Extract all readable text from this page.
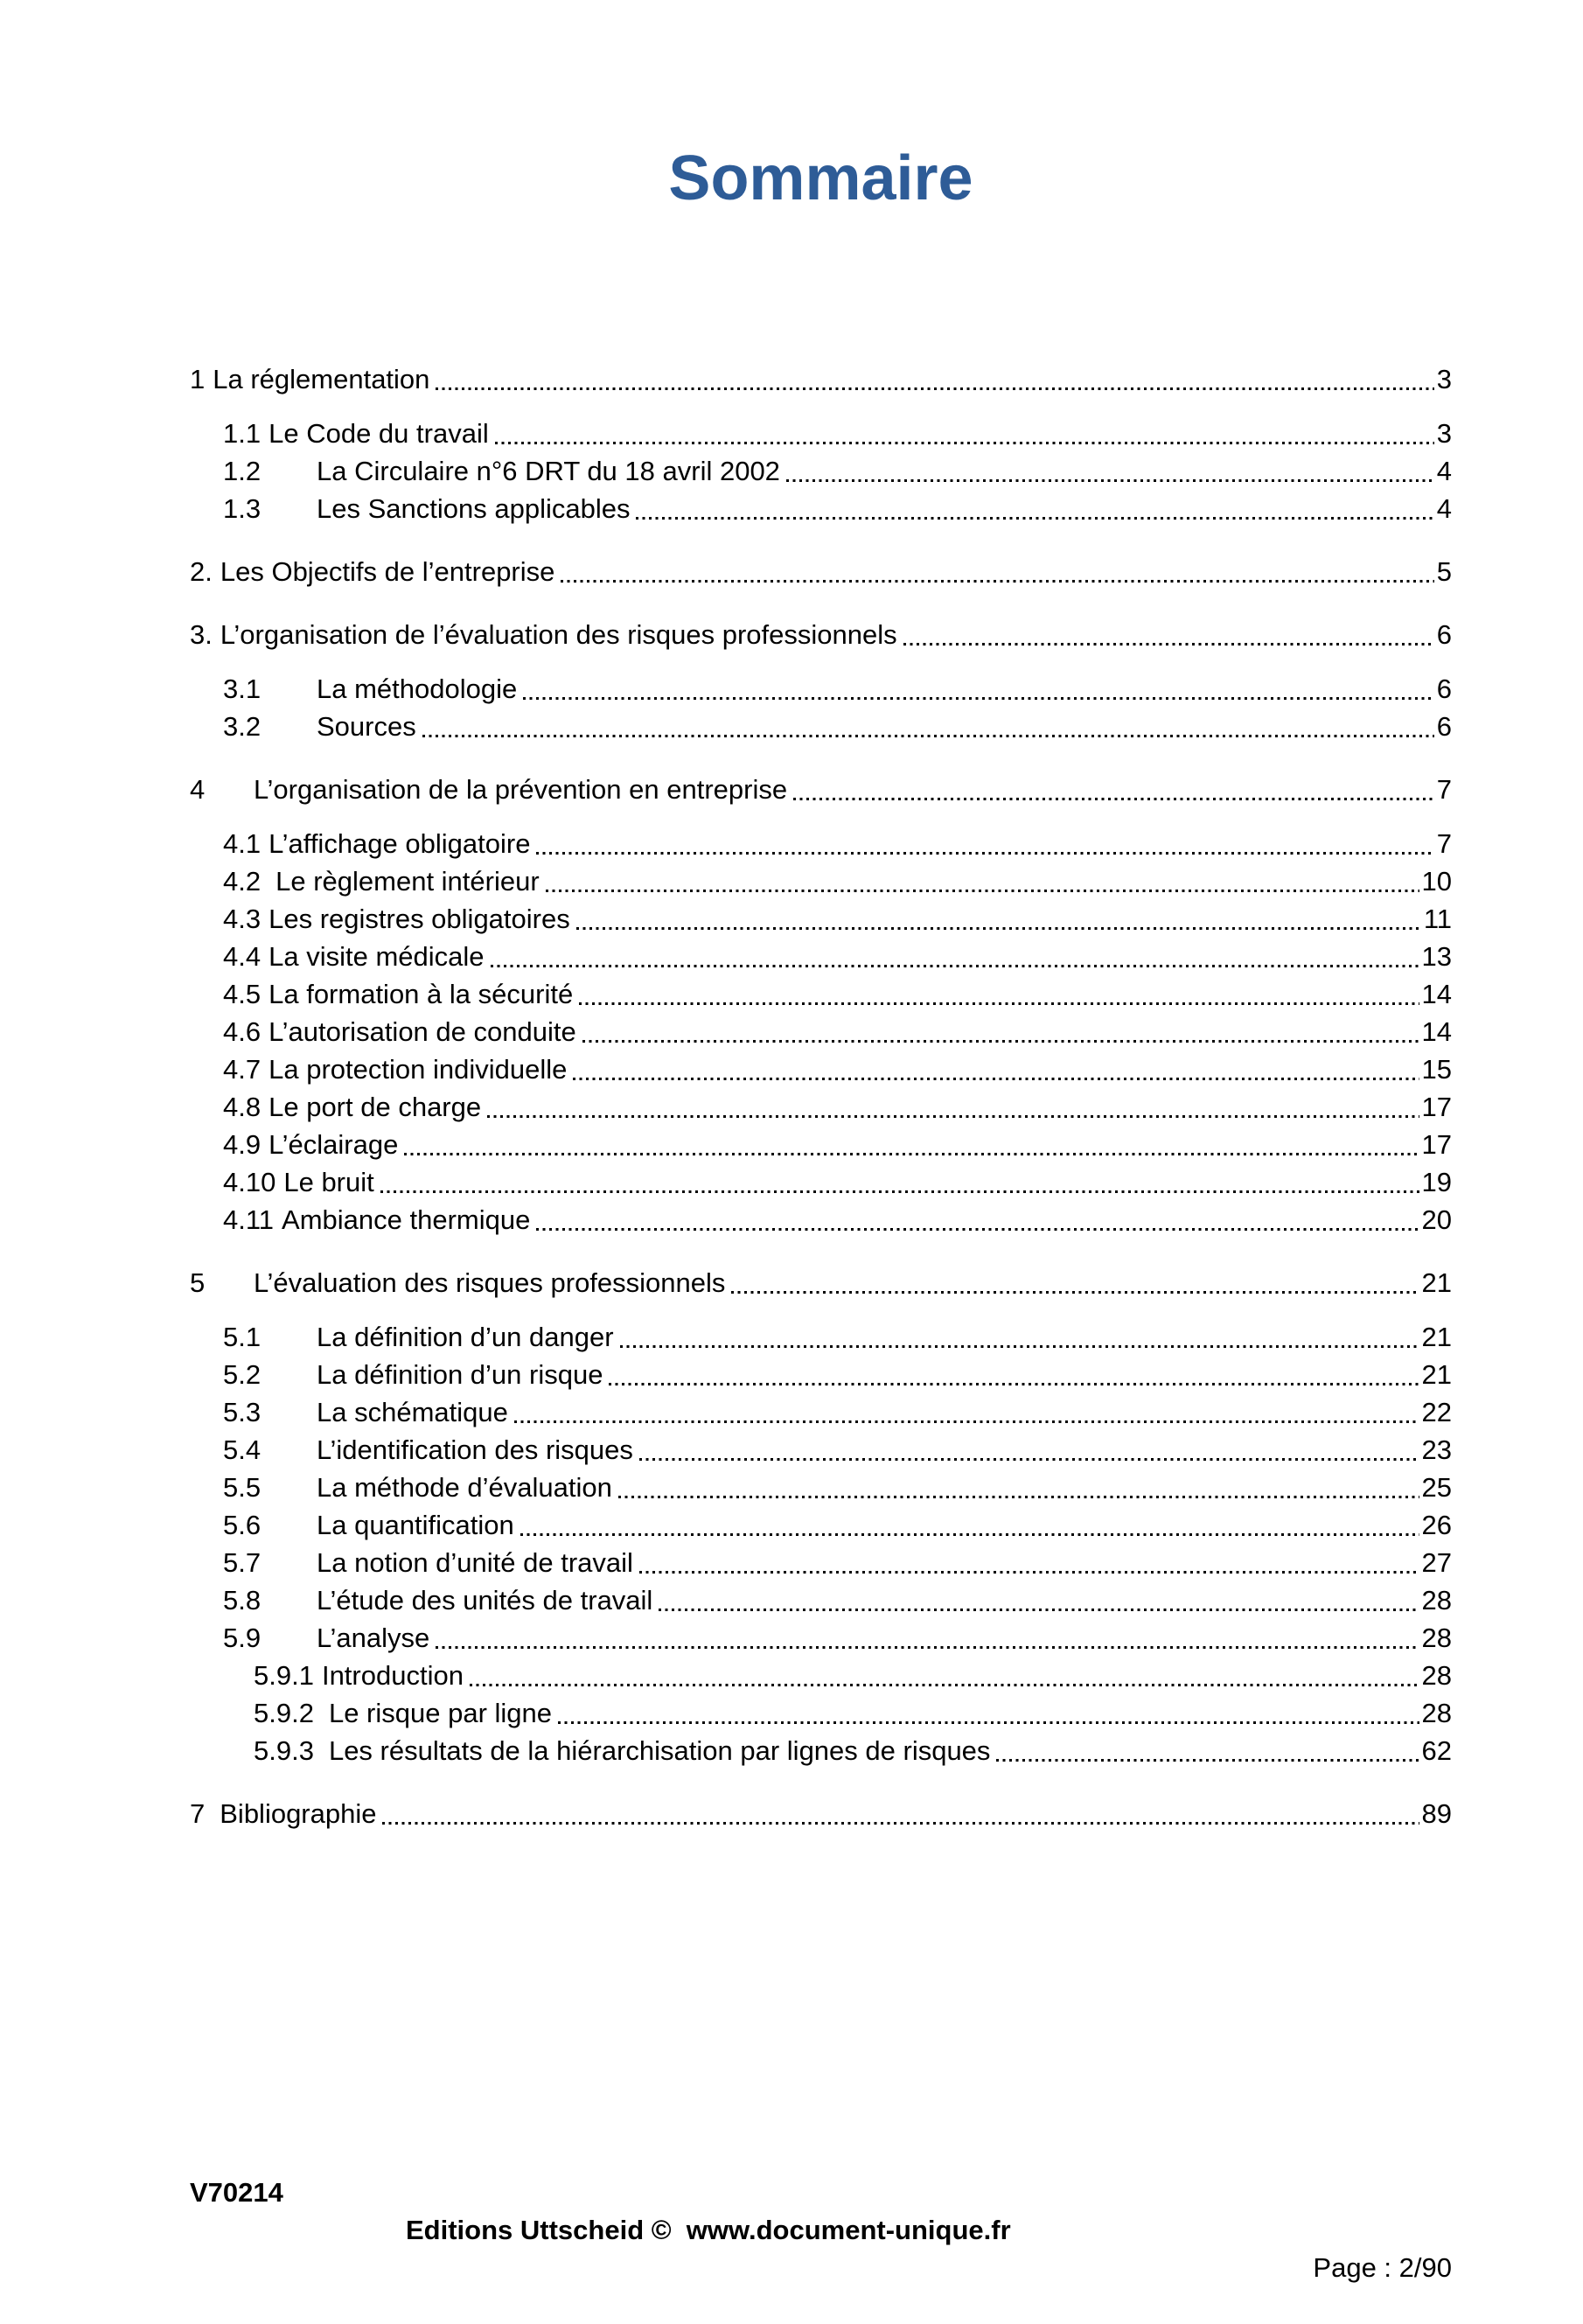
Sommaire
1 La réglementation	3
1.1 Le Code du travail	3
1.2	La Circulaire n°6 DRT du 18 avril 2002	4
1.3	Les Sanctions applicables	4
2. Les Objectifs de l’entreprise	5
3. L’organisation de l’évaluation des risques professionnels	6
3.1	La méthodologie	6
3.2	Sources	6
4	L’organisation de la prévention en entreprise	7
4.1 L’affichage obligatoire	7
4.2 Le règlement intérieur	10
4.3 Les registres obligatoires	11
4.4 La visite médicale	13
4.5 La formation à la sécurité	14
4.6 L’autorisation de conduite	14
4.7 La protection individuelle	15
4.8 Le port de charge	17
4.9 L’éclairage	17
4.10 Le bruit	19
4.11 Ambiance thermique	20
5	L’évaluation des risques professionnels	21
5.1	La définition d’un danger	21
5.2	La définition d’un risque	21
5.3	La schématique	22
5.4	L’identification des risques	23
5.5	La méthode d’évaluation	25
5.6	La quantification	26
5.7	La notion d’unité de travail	27
5.8	L’étude des unités de travail	28
5.9	L’analyse	28
5.9.1 Introduction	28
5.9.2 Le risque par ligne	28
5.9.3 Les résultats de la hiérarchisation par lignes de risques	62
7 Bibliographie	89

V70214

Editions Uttscheid ©  www.document-unique.fr

Page : 2/90
